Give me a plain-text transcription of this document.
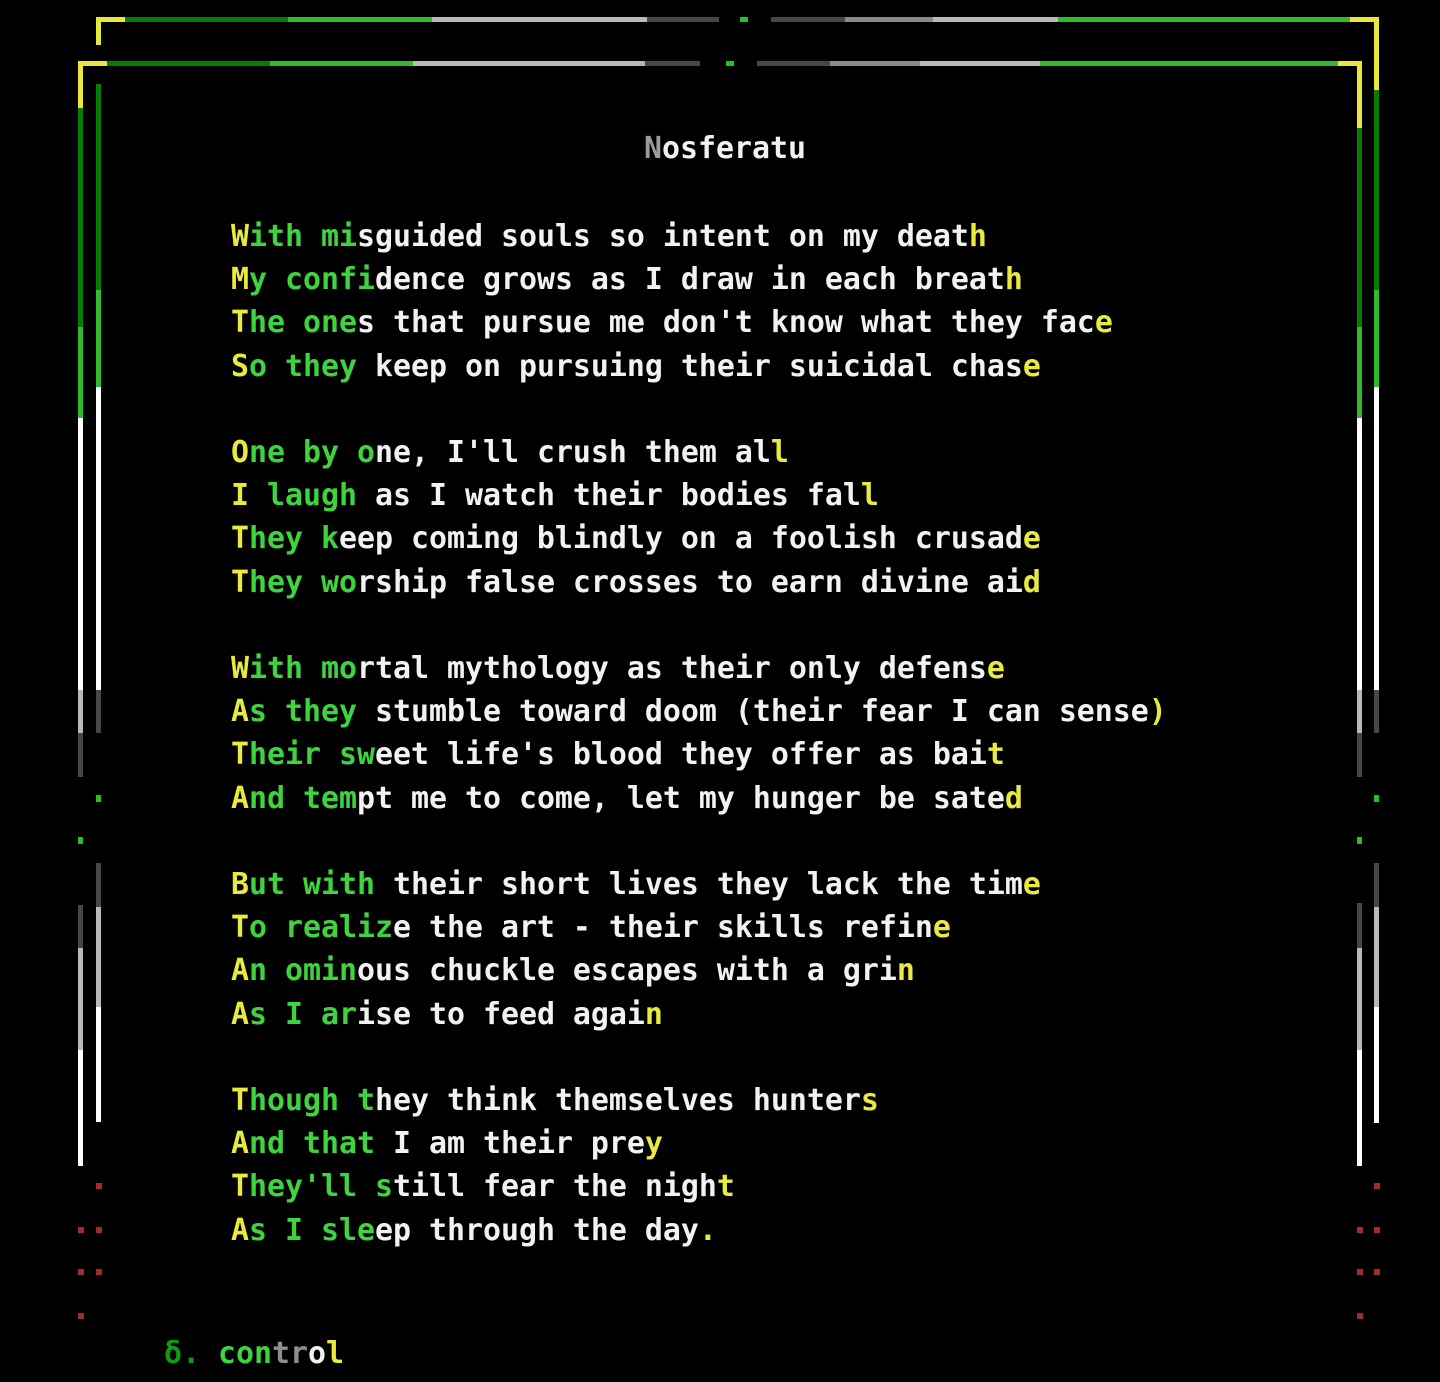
Nosferatu

With misguided souls so intent on my death
My confidence grows as I draw in each breath
The ones that pursue me don't know what they face
So they keep on pursuing their suicidal chase

One by one, I'll crush them all
I laugh as I watch their bodies fall
They keep coming blindly on a foolish crusade
They worship false crosses to earn divine aid

With mortal mythology as their only defense
As they stumble toward doom (their fear I can sense)
Their sweet life's blood they offer as bait
And tempt me to come, let my hunger be sated

But with their short lives they lack the time
To realize the art - their skills refine
An ominous chuckle escapes with a grin
As I arise to feed again

Though they think themselves hunters
And that I am their prey
They'll still fear the night
As I sleep through the day.

δ. control
